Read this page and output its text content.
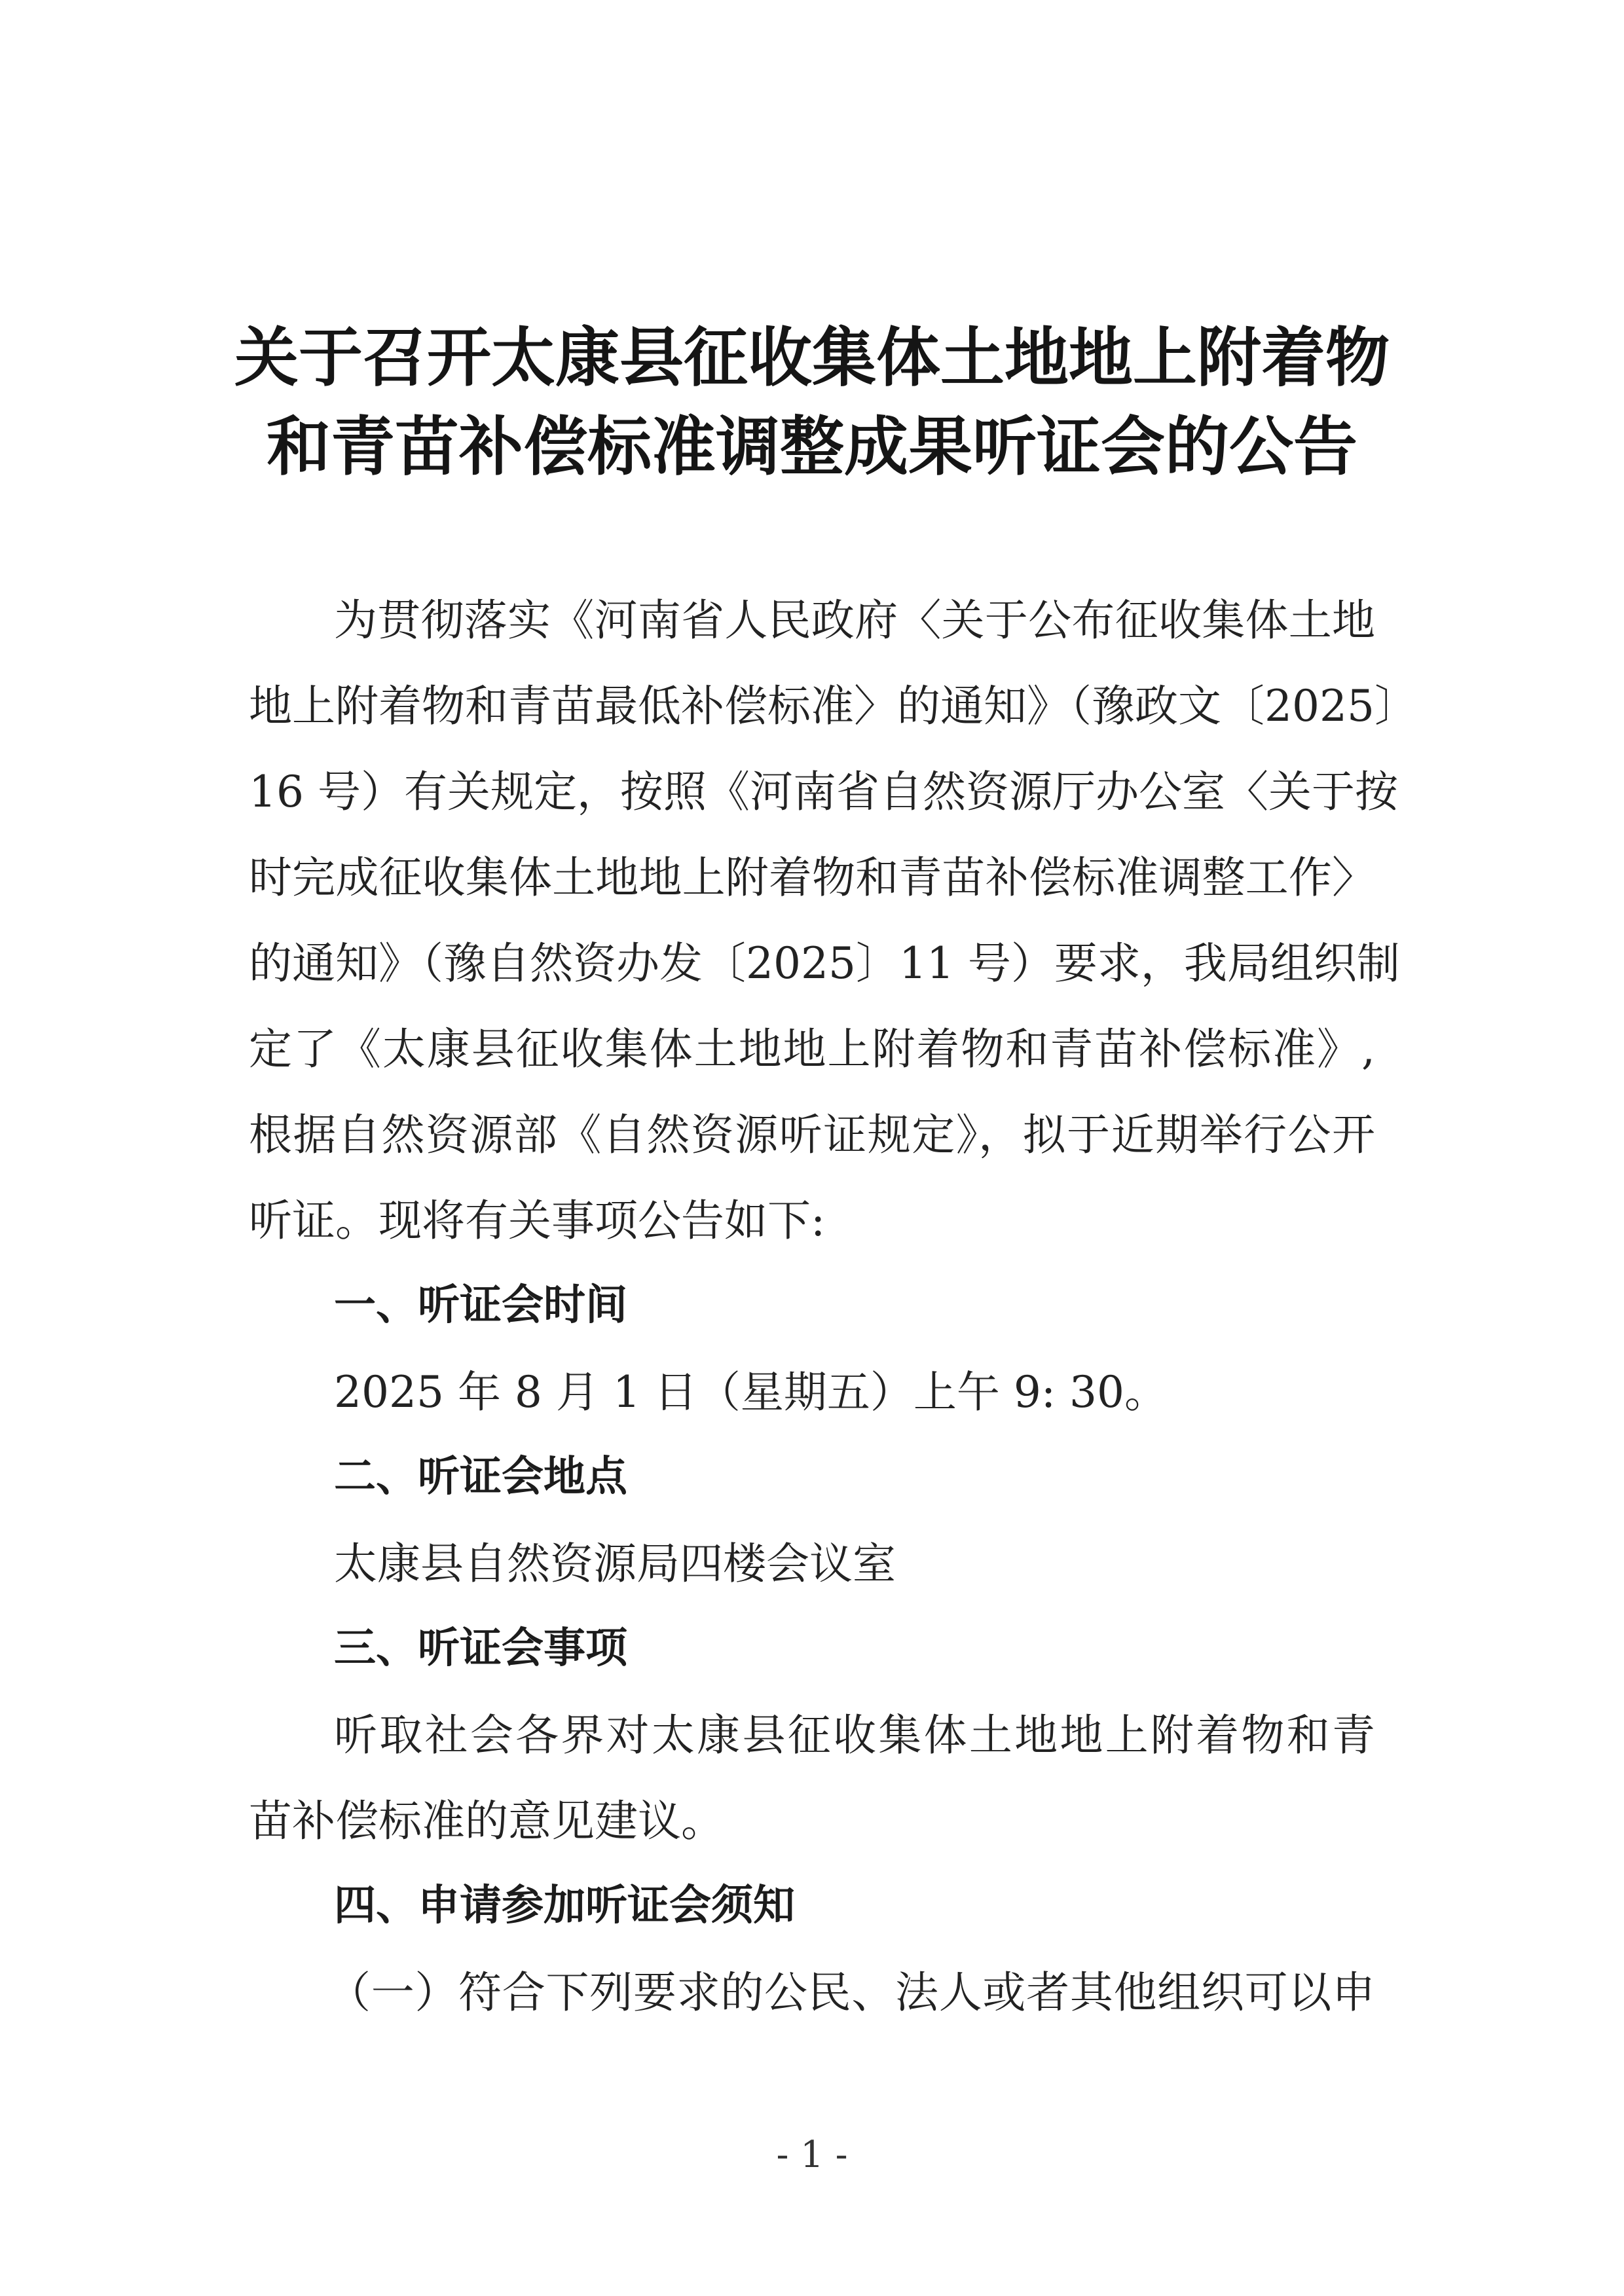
关于召开太康县征收集体土地地上附着物
和青苗补偿标准调整成果听证会的公告
为贯彻落实《河南省人民政府〈关于公布征收集体土地
地上附着物和青苗最低补偿标准〉的通知》（豫政文〔2025〕
16 号）有关规定，按照《河南省自然资源厅办公室〈关于按
时完成征收集体土地地上附着物和青苗补偿标准调整工作〉
的通知》（豫自然资办发〔2025〕11 号）要求，我局组织制
定了《太康县征收集体土地地上附着物和青苗补偿标准》,
根据自然资源部《自然资源听证规定》，拟于近期举行公开
听证。现将有关事项公告如下:
一、听证会时间
2025 年 8 月 1 日（星期五）上午 9: 30。
二、听证会地点
太康县自然资源局四楼会议室
三、听证会事项
听取社会各界对太康县征收集体土地地上附着物和青
苗补偿标准的意见建议。
四、申请参加听证会须知
（一）符合下列要求的公民、法人或者其他组织可以申
- 1 -
